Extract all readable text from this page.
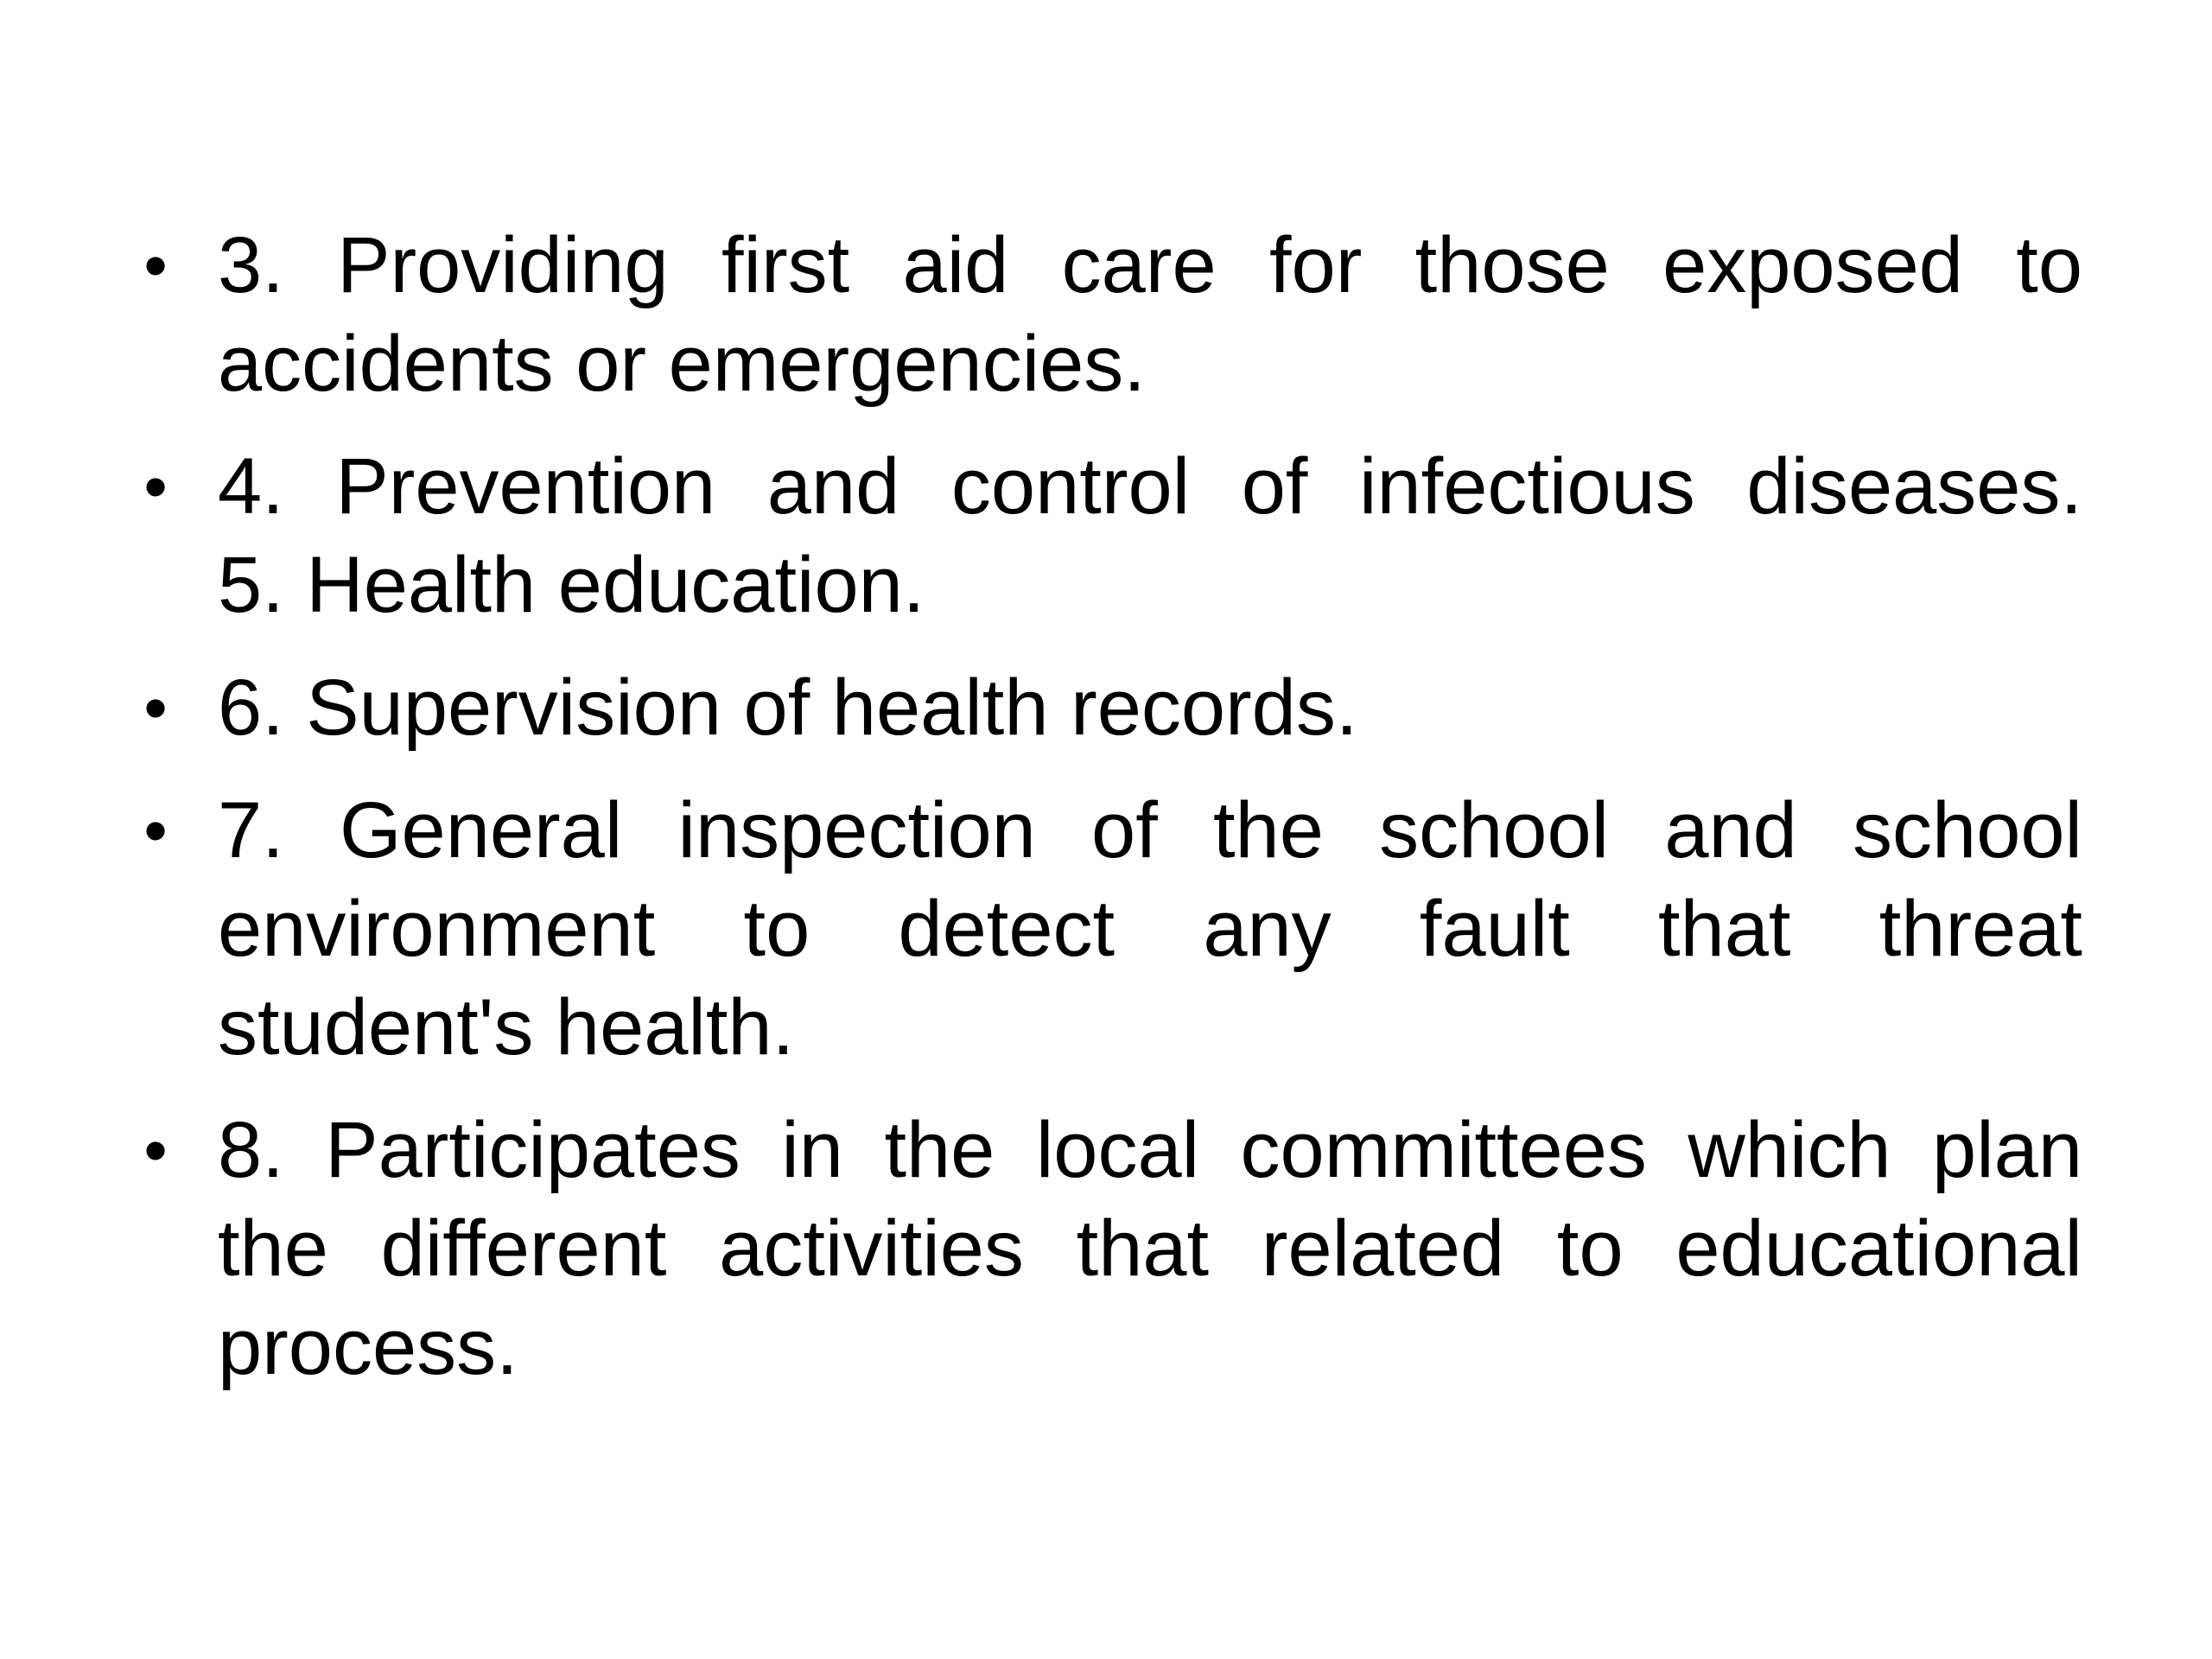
• 3. Providing first aid care for those exposed to
accidents or emergencies.
• 4. Prevention and control of infectious diseases.
5. Health education.
• 6. Supervision of health records.
• 7. General inspection of the school and school
environment to detect any fault that threat
student's health.
• 8. Participates in the local committees which plan
the different activities that related to educational
process.
